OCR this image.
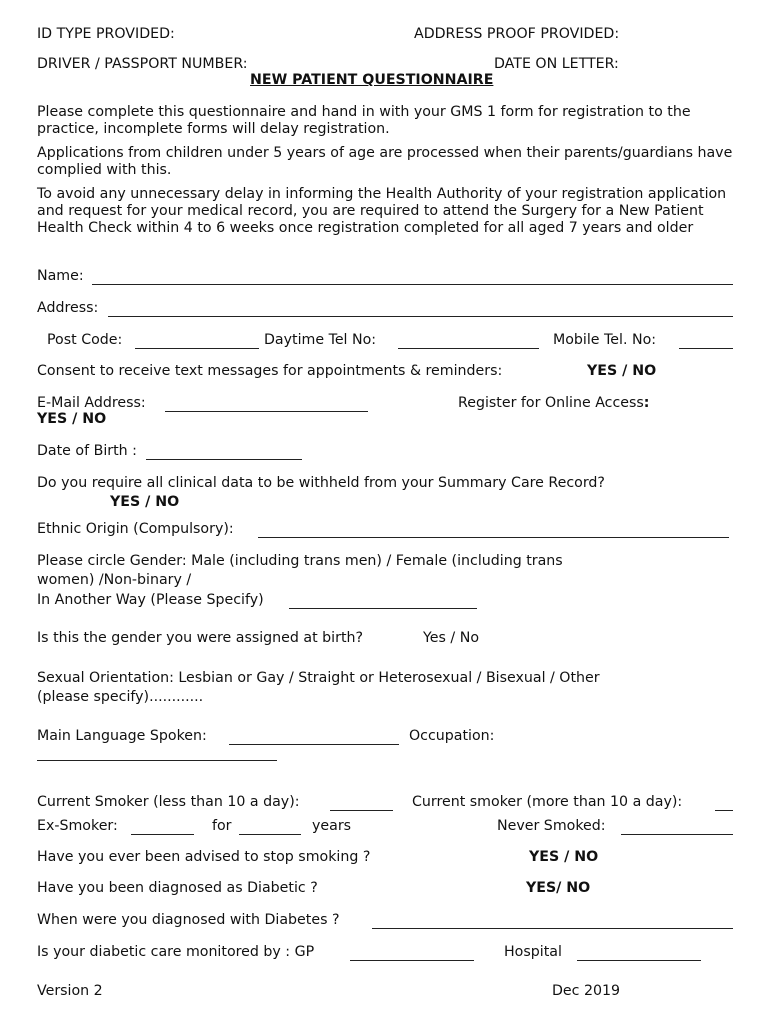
ID TYPE PROVIDED:	ADDRESS PROOF PROVIDED:
DRIVER / PASSPORT NUMBER:	DATE ON LETTER:
NEW PATIENT QUESTIONNAIRE
Please complete this questionnaire and hand in with your GMS 1 form for registration to the practice, incomplete forms will delay registration.
Applications from children under 5 years of age are processed when their parents/guardians have complied with this.
To avoid any unnecessary delay in informing the Health Authority of your registration application and request for your medical record, you are required to attend the Surgery for a New Patient Health Check within 4 to 6 weeks once registration completed for all aged 7 years and older
Name:
Address:
Post Code:	Daytime Tel No:	Mobile Tel. No:
Consent to receive text messages for appointments & reminders:	YES / NO
E-Mail Address:	Register for Online Access:
YES / NO
Date of Birth :
Do you require all clinical data to be withheld from your Summary Care Record?
YES / NO
Ethnic Origin (Compulsory):
Please circle Gender: Male (including trans men) / Female (including trans
women) /Non-binary /
In Another Way (Please Specify)
Is this the gender you were assigned at birth?	Yes / No
Sexual Orientation: Lesbian or Gay / Straight or Heterosexual / Bisexual / Other
(please specify)............
Main Language Spoken:	Occupation:
Current Smoker (less than 10 a day):	Current smoker (more than 10 a day):
Ex-Smoker:	for	years	Never Smoked:
Have you ever been advised to stop smoking ?	YES / NO
Have you been diagnosed as Diabetic ?	YES/ NO
When were you diagnosed with Diabetes ?
Is your diabetic care monitored by : GP	Hospital
Version 2	Dec 2019
